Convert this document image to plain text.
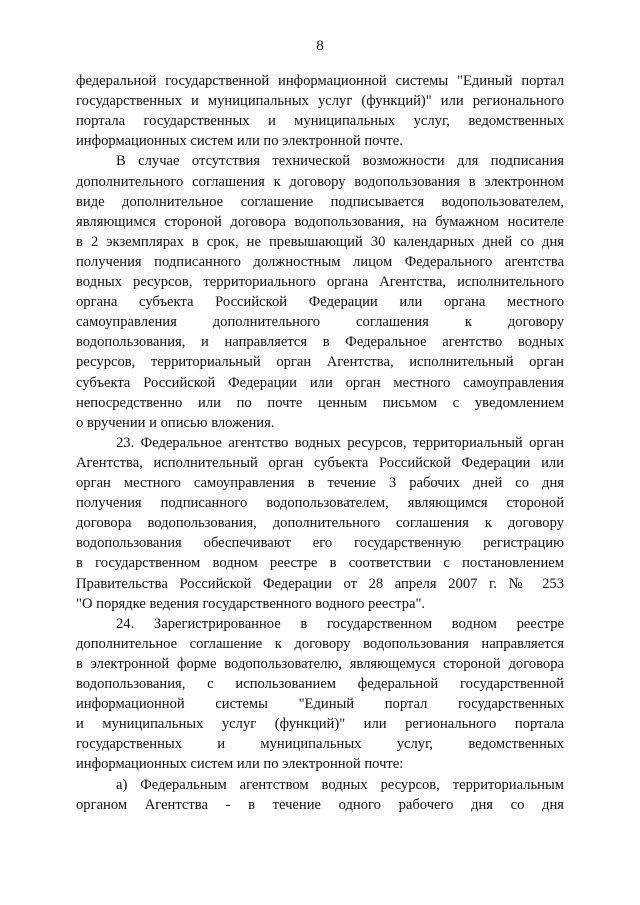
8
федеральной государственной информационной системы "Единый портал
государственных и муниципальных услуг (функций)" или регионального
портала государственных и муниципальных услуг, ведомственных
информационных систем или по электронной почте.
В случае отсутствия технической возможности для подписания
дополнительного соглашения к договору водопользования в электронном
виде дополнительное соглашение подписывается водопользователем,
являющимся стороной договора водопользования, на бумажном носителе
в 2 экземплярах в срок, не превышающий 30 календарных дней со дня
получения подписанного должностным лицом Федерального агентства
водных ресурсов, территориального органа Агентства, исполнительного
органа субъекта Российской Федерации или органа местного
самоуправления дополнительного соглашения к договору
водопользования, и направляется в Федеральное агентство водных
ресурсов, территориальный орган Агентства, исполнительный орган
субъекта Российской Федерации или орган местного самоуправления
непосредственно или по почте ценным письмом с уведомлением
о вручении и описью вложения.
23. Федеральное агентство водных ресурсов, территориальный орган
Агентства, исполнительный орган субъекта Российской Федерации или
орган местного самоуправления в течение 3 рабочих дней со дня
получения подписанного водопользователем, являющимся стороной
договора водопользования, дополнительного соглашения к договору
водопользования обеспечивают его государственную регистрацию
в государственном водном реестре в соответствии с постановлением
Правительства Российской Федерации от 28 апреля 2007 г. № 253
"О порядке ведения государственного водного реестра".
24. Зарегистрированное в государственном водном реестре
дополнительное соглашение к договору водопользования направляется
в электронной форме водопользователю, являющемуся стороной договора
водопользования, с использованием федеральной государственной
информационной системы "Единый портал государственных
и муниципальных услуг (функций)" или регионального портала
государственных и муниципальных услуг, ведомственных
информационных систем или по электронной почте:
а) Федеральным агентством водных ресурсов, территориальным
органом Агентства - в течение одного рабочего дня со дня
